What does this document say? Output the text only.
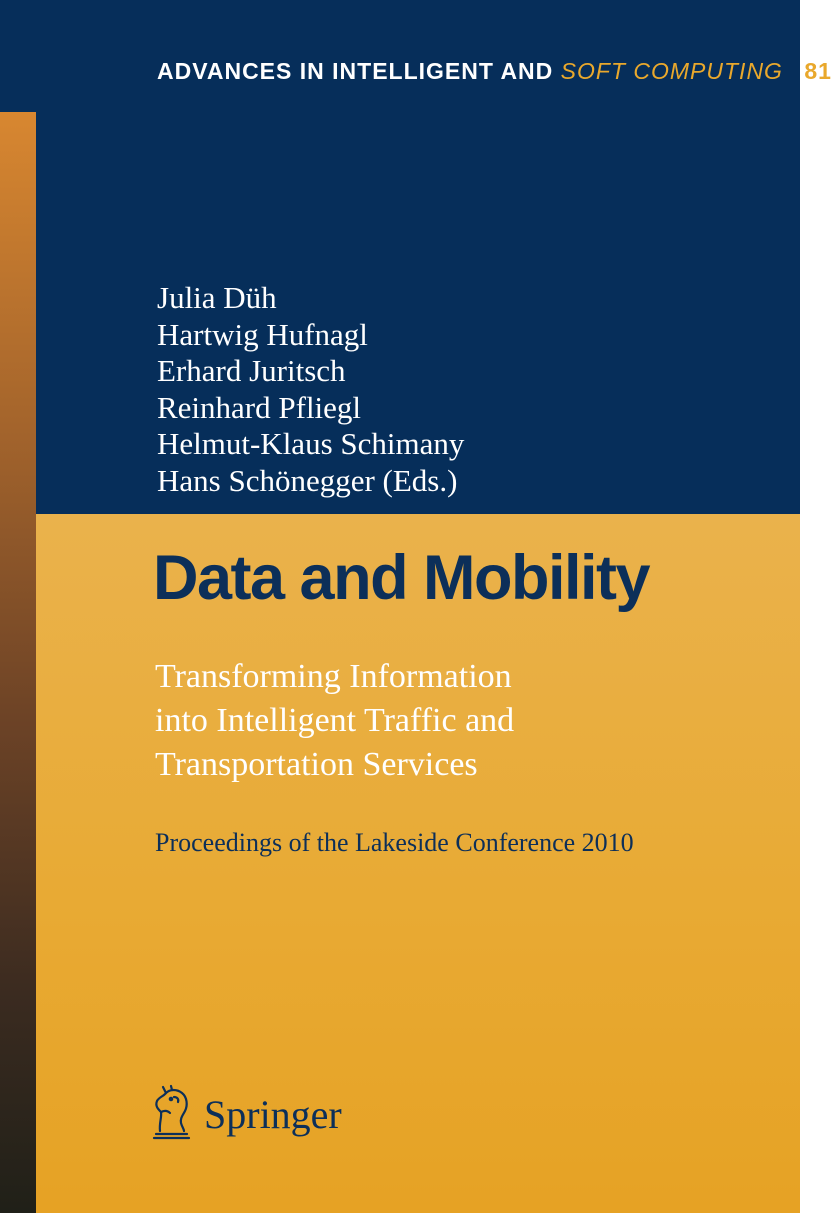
ADVANCES IN INTELLIGENT AND SOFT COMPUTING 81

Julia Düh
Hartwig Hufnagl
Erhard Juritsch
Reinhard Pfliegl
Helmut-Klaus Schimany
Hans Schönegger (Eds.)
Data and Mobility
Transforming Information
into Intelligent Traffic and
Transportation Services

Proceedings of the Lakeside Conference 2010

Springer
